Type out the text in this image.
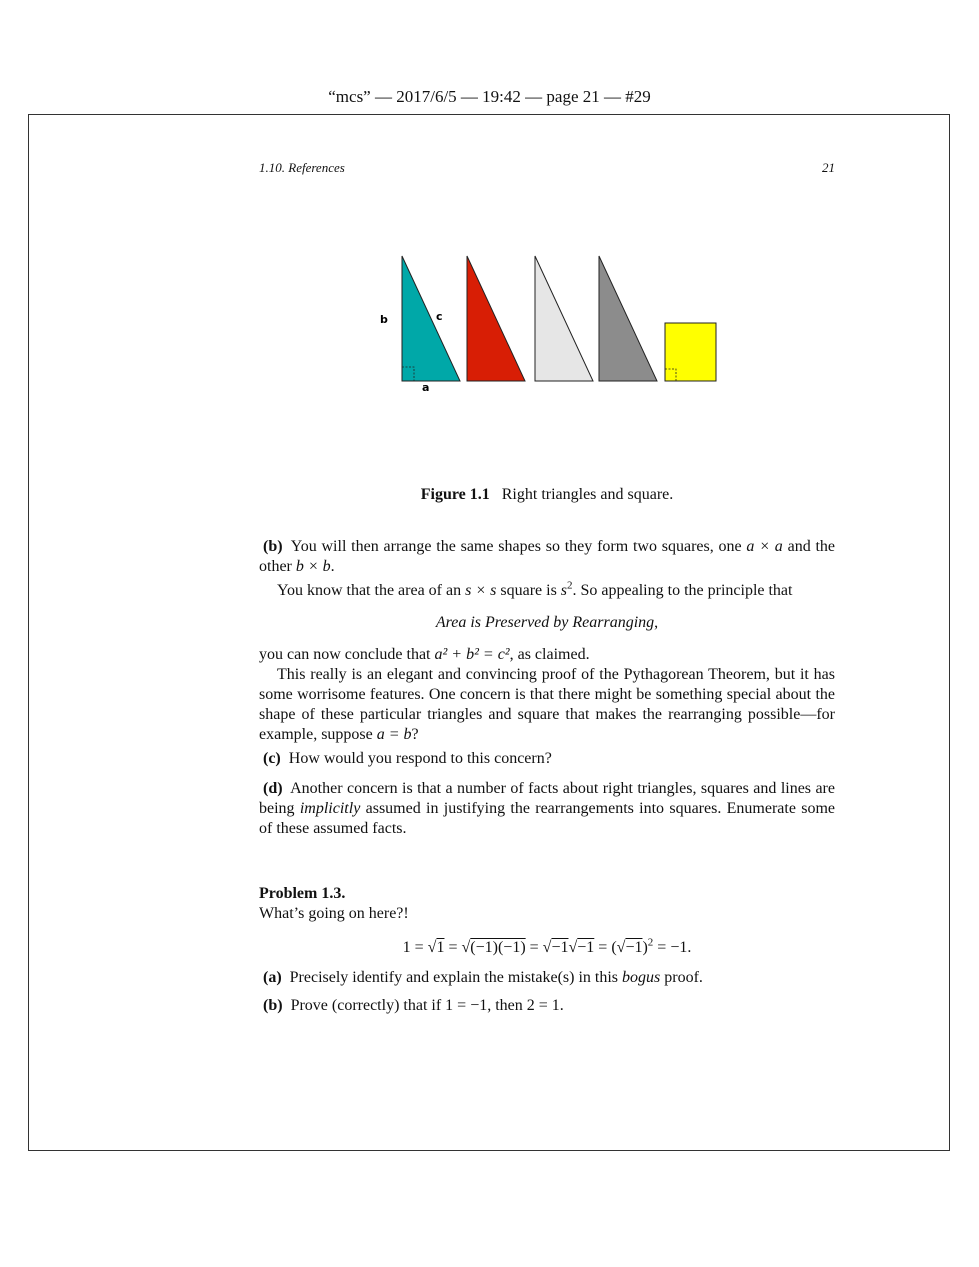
“mcs” — 2017/6/5 — 19:42 — page 21 — #29
1.10. References	21
b	c
a
Figure 1.1 Right triangles and square.

(b) You will then arrange the same shapes so they form two squares, one a × a and the other b × b.

You know that the area of an s × s square is $s^2$. So appealing to the principle that

Area is Preserved by Rearranging,

you can now conclude that a² + b² = c², as claimed.

This really is an elegant and convincing proof of the Pythagorean Theorem, but it has some worrisome features. One concern is that there might be something special about the shape of these particular triangles and square that makes the rearranging possible—for example, suppose a = b?

(c) How would you respond to this concern?

(d) Another concern is that a number of facts about right triangles, squares and lines are being implicitly assumed in justifying the rearrangements into squares. Enumerate some of these assumed facts.

Problem 1.3.

What’s going on here?!

$1 = √1 = √(-1)(-1) = √-1√-1 = (√-1)^2 = -1$.

(a) Precisely identify and explain the mistake(s) in this bogus proof.

(b) Prove (correctly) that if 1 = −1, then 2 = 1.
